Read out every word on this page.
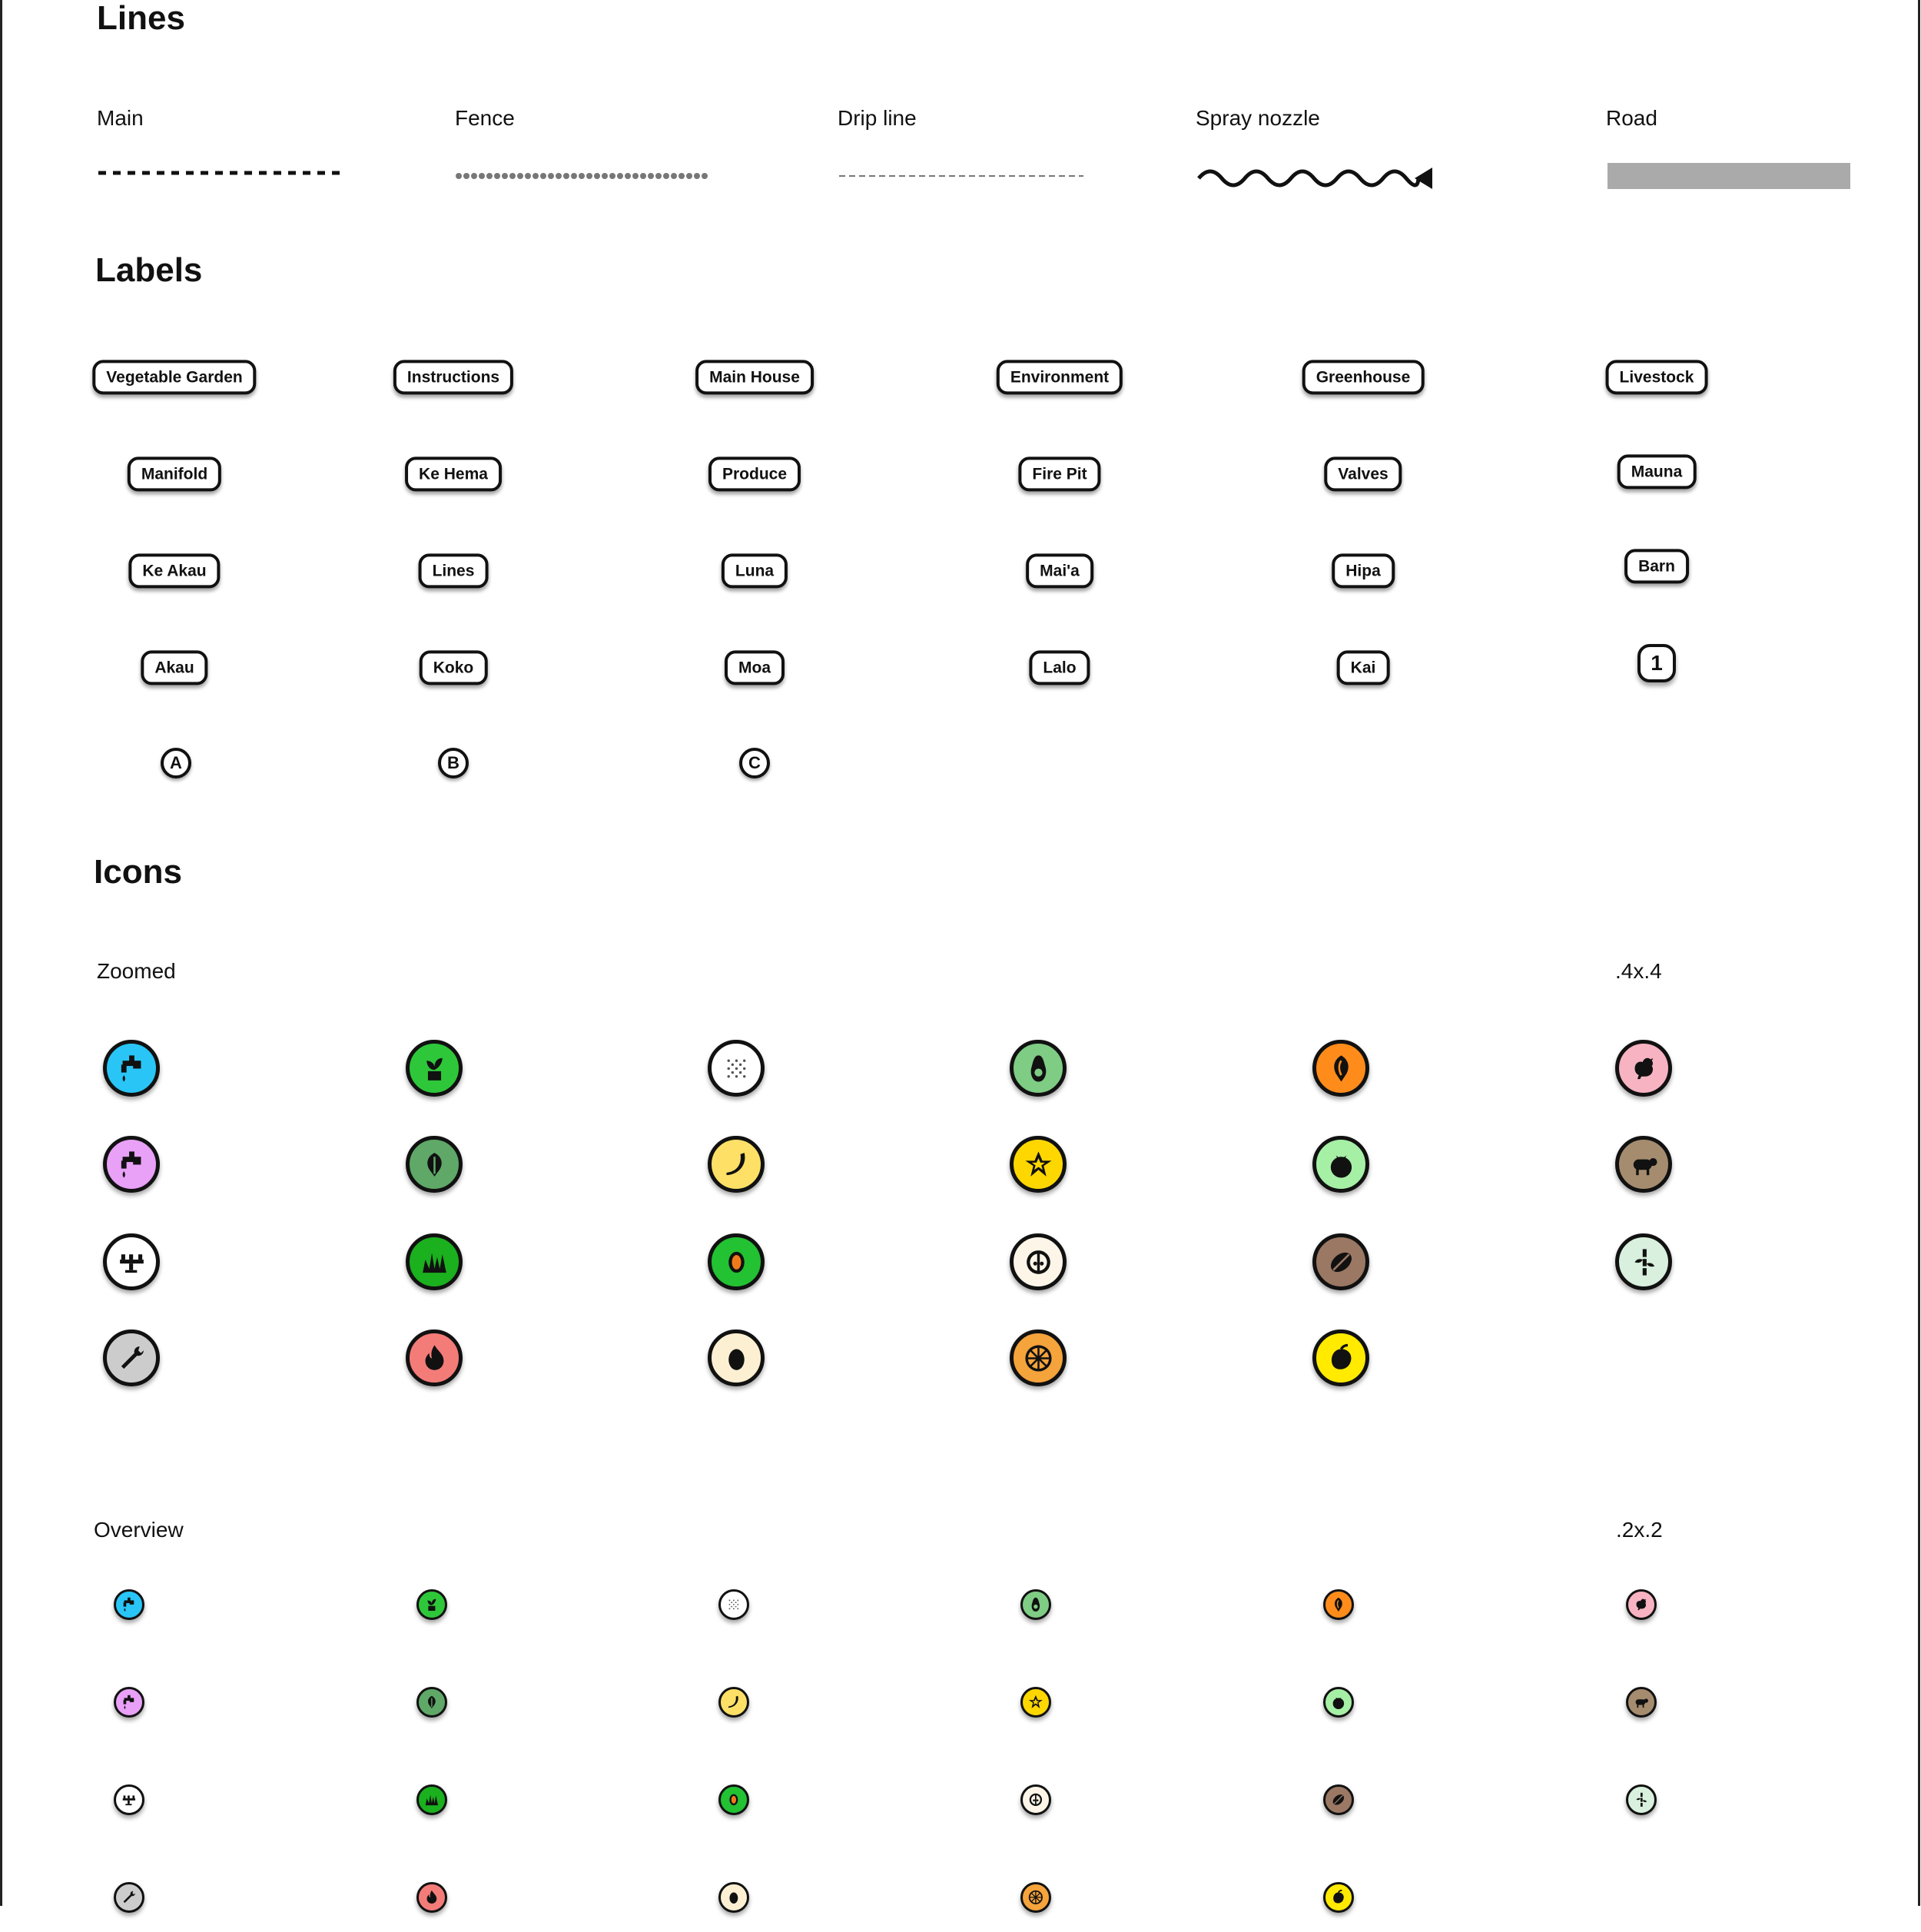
Lines
Main	Fence	Drip line	Spray nozzle	Road
Labels
Vegetable Garden	Instructions	Main House	Environment	Greenhouse	Livestock
Manifold	Ke Hema	Produce	Fire Pit	Valves	Mauna
Ke Akau	Lines	Luna	Mai'a	Hipa	Barn
Akau	Koko	Moa	Lalo	Kai	1
A	B	C
Icons
Zoomed	.4x.4
Overview	.2x.2
